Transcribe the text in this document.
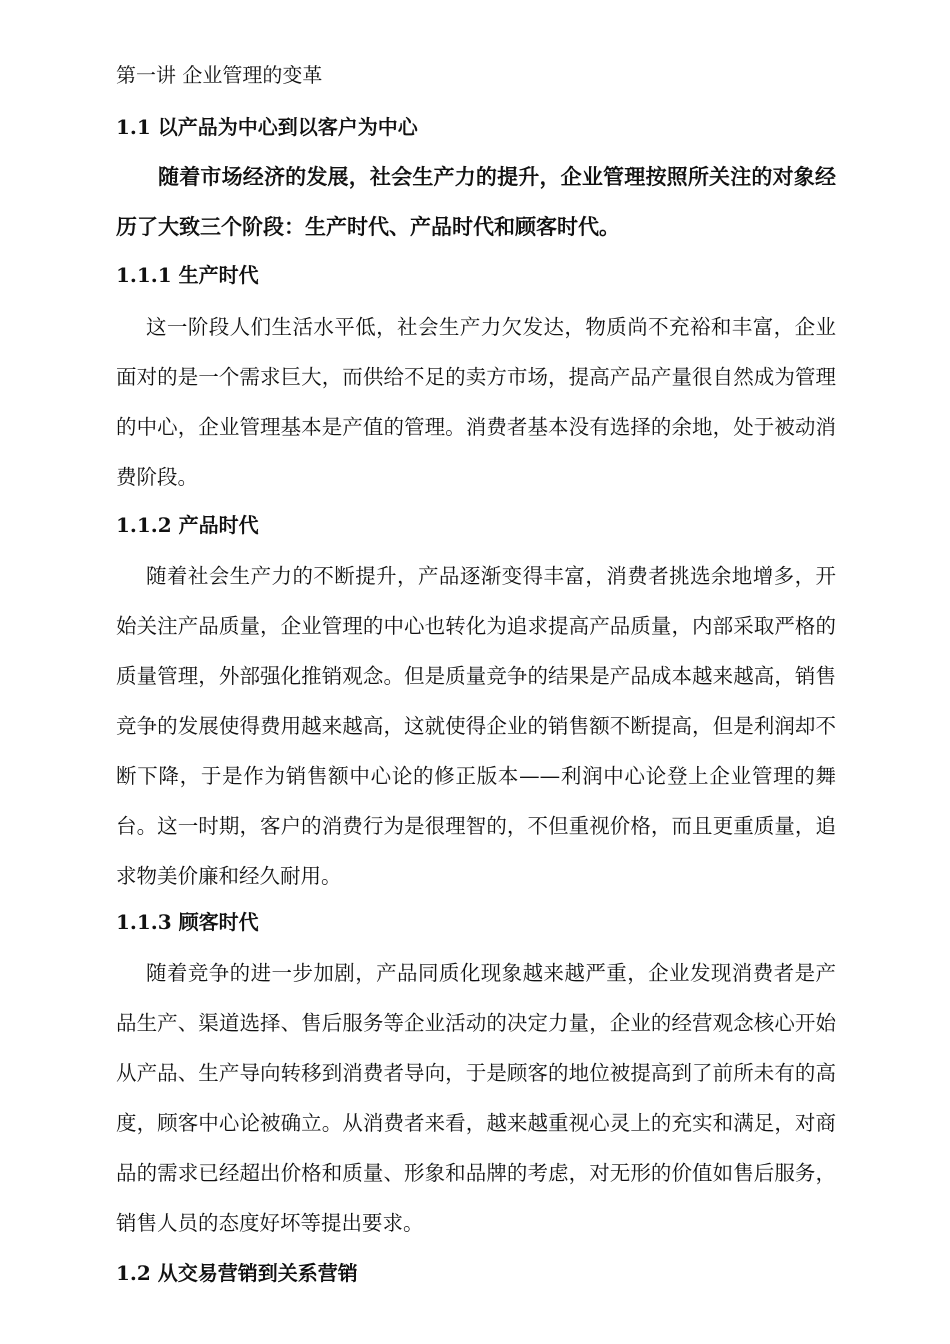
第一讲 企业管理的变革
1.1 以产品为中心到以客户为中心
随着市场经济的发展，社会生产力的提升，企业管理按照所关注的对象经历了大致三个阶段：生产时代、产品时代和顾客时代。
1.1.1 生产时代
这一阶段人们生活水平低，社会生产力欠发达，物质尚不充裕和丰富，企业面对的是一个需求巨大，而供给不足的卖方市场，提高产品产量很自然成为管理的中心，企业管理基本是产值的管理。消费者基本没有选择的余地，处于被动消费阶段。
1.1.2 产品时代
随着社会生产力的不断提升，产品逐渐变得丰富，消费者挑选余地增多，开始关注产品质量，企业管理的中心也转化为追求提高产品质量，内部采取严格的质量管理，外部强化推销观念。但是质量竞争的结果是产品成本越来越高，销售竞争的发展使得费用越来越高，这就使得企业的销售额不断提高，但是利润却不断下降，于是作为销售额中心论的修正版本——利润中心论登上企业管理的舞台。这一时期，客户的消费行为是很理智的，不但重视价格，而且更重质量，追求物美价廉和经久耐用。
1.1.3 顾客时代
随着竞争的进一步加剧，产品同质化现象越来越严重，企业发现消费者是产品生产、渠道选择、售后服务等企业活动的决定力量，企业的经营观念核心开始从产品、生产导向转移到消费者导向，于是顾客的地位被提高到了前所未有的高度，顾客中心论被确立。从消费者来看，越来越重视心灵上的充实和满足，对商品的需求已经超出价格和质量、形象和品牌的考虑，对无形的价值如售后服务，销售人员的态度好坏等提出要求。
1.2 从交易营销到关系营销
